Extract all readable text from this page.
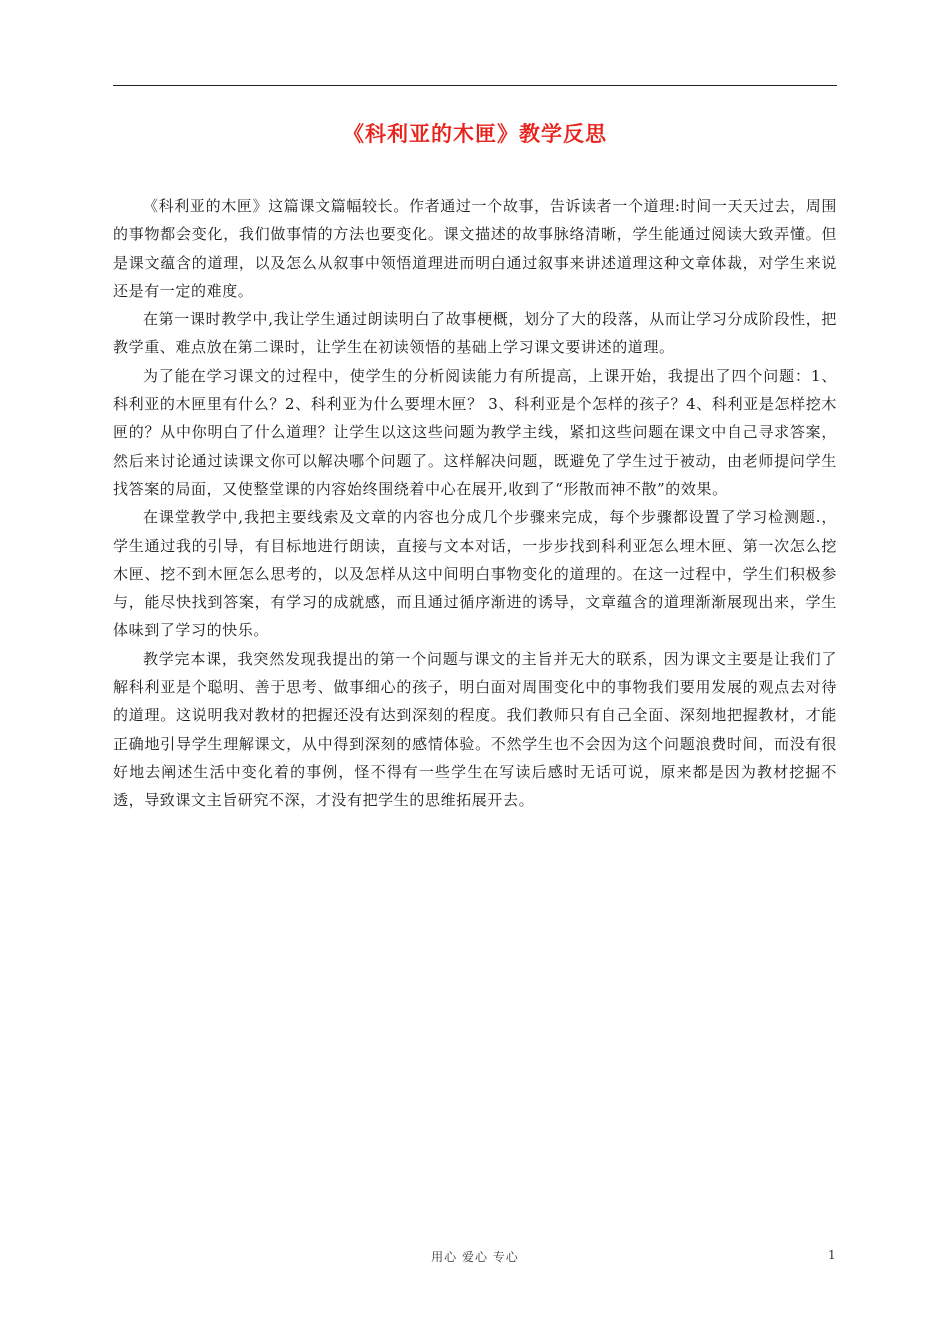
《科利亚的木匣》教学反思

《科利亚的木匣》这篇课文篇幅较长。作者通过一个故事，告诉读者一个道理:时间一天天过去，周围的事物都会变化，我们做事情的方法也要变化。课文描述的故事脉络清晰，学生能通过阅读大致弄懂。但是课文蕴含的道理，以及怎么从叙事中领悟道理进而明白通过叙事来讲述道理这种文章体裁，对学生来说还是有一定的难度。

在第一课时教学中,我让学生通过朗读明白了故事梗概，划分了大的段落，从而让学习分成阶段性，把教学重、难点放在第二课时，让学生在初读领悟的基础上学习课文要讲述的道理。

为了能在学习课文的过程中，使学生的分析阅读能力有所提高，上课开始，我提出了四个问题：1、科利亚的木匣里有什么？2、科利亚为什么要埋木匣？ 3、科利亚是个怎样的孩子？4、科利亚是怎样挖木匣的？从中你明白了什么道理？让学生以这这些问题为教学主线，紧扣这些问题在课文中自己寻求答案，然后来讨论通过读课文你可以解决哪个问题了。这样解决问题，既避免了学生过于被动，由老师提问学生找答案的局面，又使整堂课的内容始终围绕着中心在展开,收到了“形散而神不散”的效果。

在课堂教学中,我把主要线索及文章的内容也分成几个步骤来完成，每个步骤都设置了学习检测题.，学生通过我的引导，有目标地进行朗读，直接与文本对话，一步步找到科利亚怎么埋木匣、第一次怎么挖木匣、挖不到木匣怎么思考的，以及怎样从这中间明白事物变化的道理的。在这一过程中，学生们积极参与，能尽快找到答案，有学习的成就感，而且通过循序渐进的诱导，文章蕴含的道理渐渐展现出来，学生体味到了学习的快乐。

教学完本课，我突然发现我提出的第一个问题与课文的主旨并无大的联系，因为课文主要是让我们了解科利亚是个聪明、善于思考、做事细心的孩子，明白面对周围变化中的事物我们要用发展的观点去对待的道理。这说明我对教材的把握还没有达到深刻的程度。我们教师只有自己全面、深刻地把握教材，才能正确地引导学生理解课文，从中得到深刻的感情体验。不然学生也不会因为这个问题浪费时间，而没有很好地去阐述生活中变化着的事例，怪不得有一些学生在写读后感时无话可说，原来都是因为教材挖掘不透，导致课文主旨研究不深，才没有把学生的思维拓展开去。

用心 爱心 专心	1
